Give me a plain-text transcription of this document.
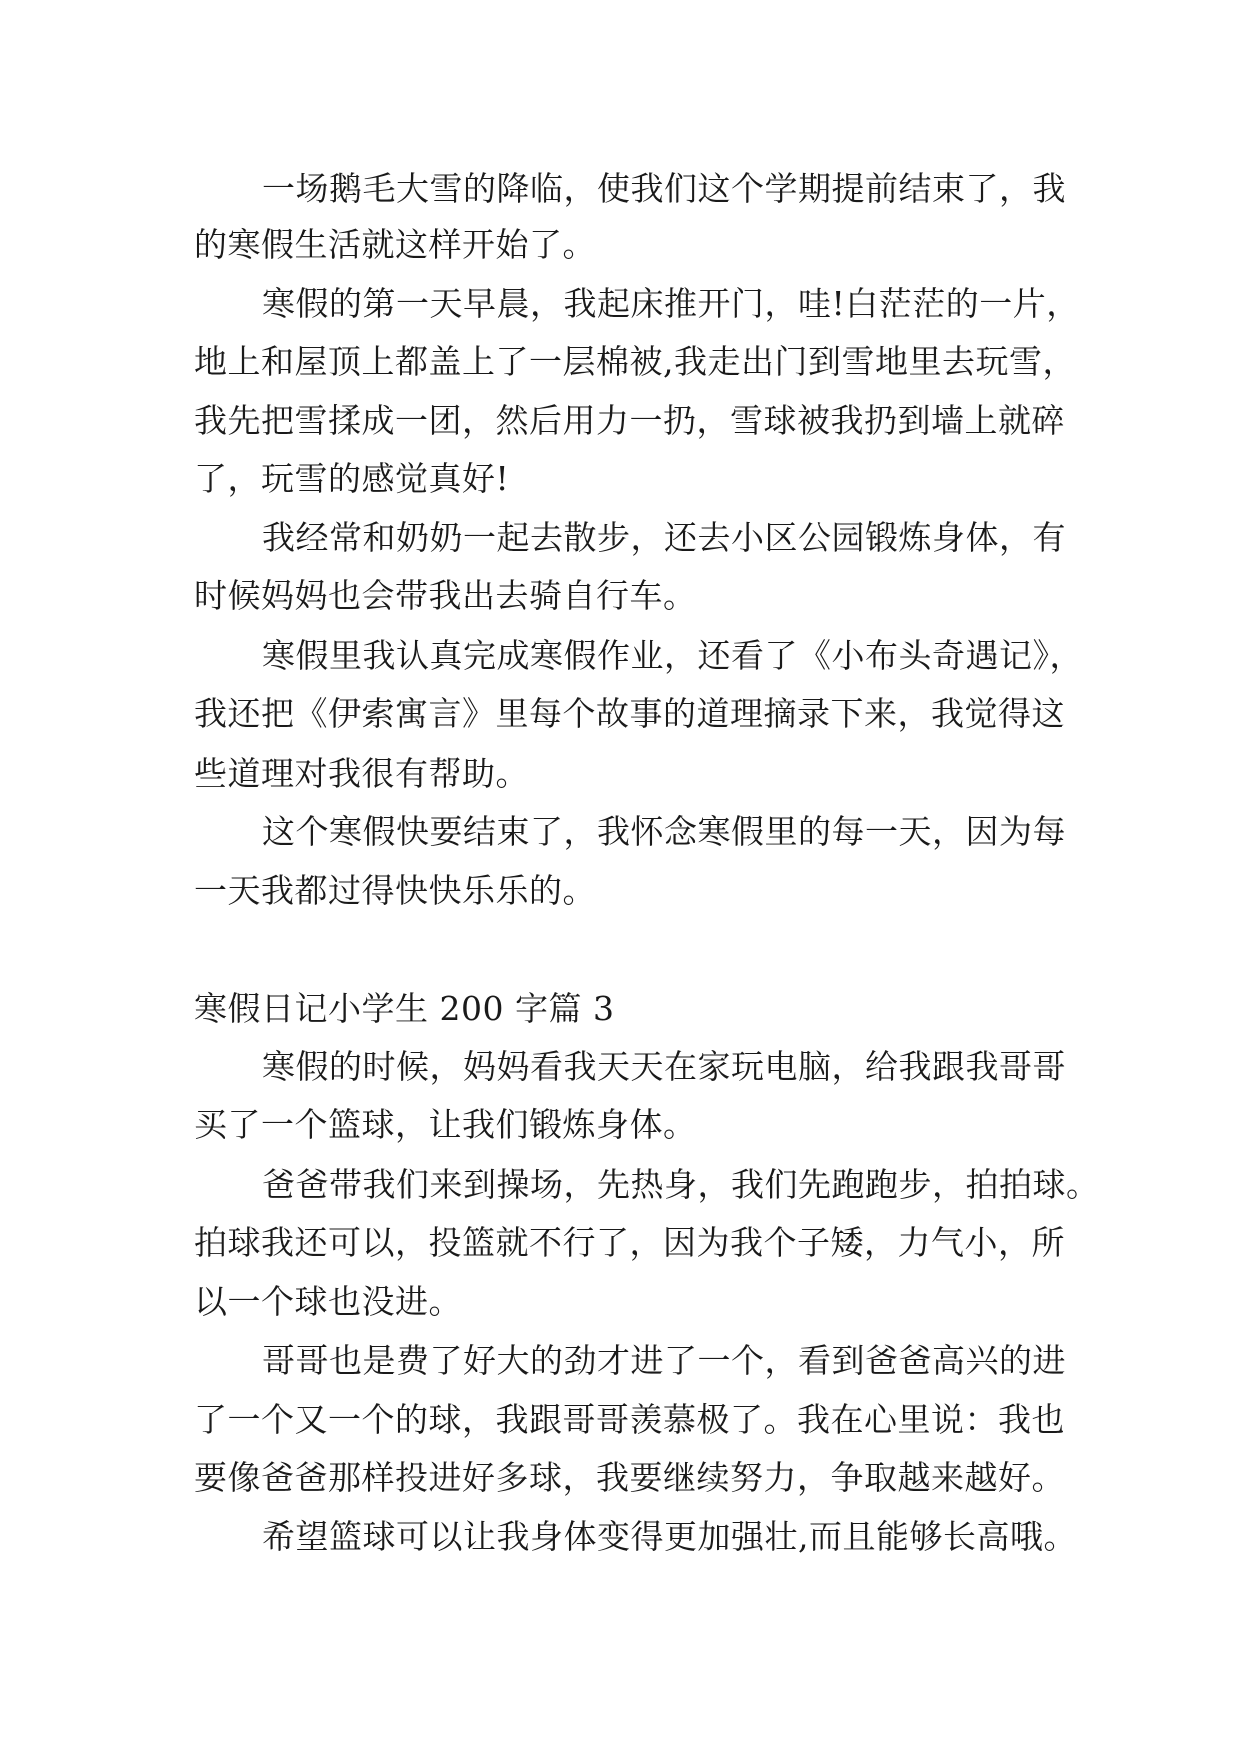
一场鹅毛大雪的降临，使我们这个学期提前结束了，我
的寒假生活就这样开始了。
寒假的第一天早晨，我起床推开门，哇!白茫茫的一片，
地上和屋顶上都盖上了一层棉被,我走出门到雪地里去玩雪，
我先把雪揉成一团，然后用力一扔，雪球被我扔到墙上就碎
了，玩雪的感觉真好!
我经常和奶奶一起去散步，还去小区公园锻炼身体，有
时候妈妈也会带我出去骑自行车。
寒假里我认真完成寒假作业，还看了《小布头奇遇记》，
我还把《伊索寓言》里每个故事的道理摘录下来，我觉得这
些道理对我很有帮助。
这个寒假快要结束了，我怀念寒假里的每一天，因为每
一天我都过得快快乐乐的。
寒假日记小学生 200 字篇 3
寒假的时候，妈妈看我天天在家玩电脑，给我跟我哥哥
买了一个篮球，让我们锻炼身体。
爸爸带我们来到操场，先热身，我们先跑跑步，拍拍球。
拍球我还可以，投篮就不行了，因为我个子矮，力气小，所
以一个球也没进。
哥哥也是费了好大的劲才进了一个，看到爸爸高兴的进
了一个又一个的球，我跟哥哥羡慕极了。我在心里说：我也
要像爸爸那样投进好多球，我要继续努力，争取越来越好。
希望篮球可以让我身体变得更加强壮,而且能够长高哦。
